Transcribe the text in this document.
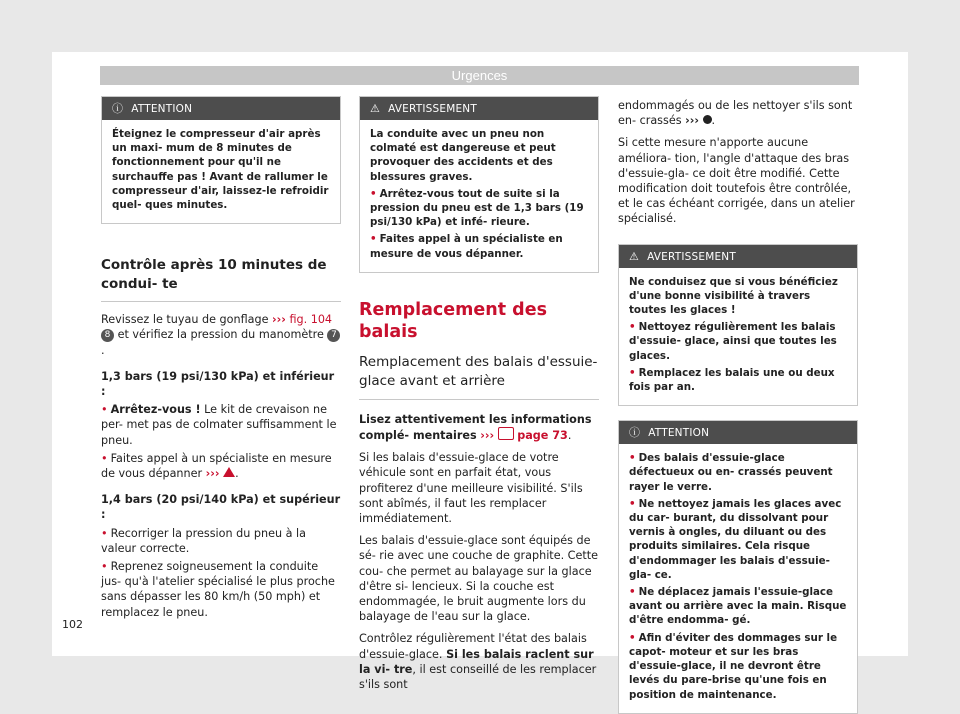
Urgences
ⓘ ATTENTION

Éteignez le compresseur d'air après un maxi- mum de 8 minutes de fonctionnement pour qu'il ne surchauffe pas ! Avant de rallumer le compresseur d'air, laissez-le refroidir quel- ques minutes.

Contrôle après 10 minutes de condui- te

Revissez le tuyau de gonflage ››› fig. 104 8 et vérifiez la pression du manomètre 7.

1,3 bars (19 psi/130 kPa) et inférieur :

• Arrêtez-vous ! Le kit de crevaison ne per- met pas de colmater suffisamment le pneu.

• Faites appel à un spécialiste en mesure de vous dépanner ››› .

1,4 bars (20 psi/140 kPa) et supérieur :

• Recorriger la pression du pneu à la valeur correcte.

• Reprenez soigneusement la conduite jus- qu'à l'atelier spécialisé le plus proche sans dépasser les 80 km/h (50 mph) et remplacez le pneu.

⚠ AVERTISSEMENT

La conduite avec un pneu non colmaté est dangereuse et peut provoquer des accidents et des blessures graves.

• Arrêtez-vous tout de suite si la pression du pneu est de 1,3 bars (19 psi/130 kPa) et infé- rieure.

• Faites appel à un spécialiste en mesure de vous dépanner.

Remplacement des balais
Remplacement des balais d'essuie- glace avant et arrière

Lisez attentivement les informations complé- mentaires ››› page 73.

Si les balais d'essuie-glace de votre véhicule sont en parfait état, vous profiterez d'une meilleure visibilité. S'ils sont abîmés, il faut les remplacer immédiatement.

Les balais d'essuie-glace sont équipés de sé- rie avec une couche de graphite. Cette cou- che permet au balayage sur la glace d'être si- lencieux. Si la couche est endommagée, le bruit augmente lors du balayage de l'eau sur la glace.

Contrôlez régulièrement l'état des balais d'essuie-glace. Si les balais raclent sur la vi- tre, il est conseillé de les remplacer s'ils sont

endommagés ou de les nettoyer s'ils sont en- crassés ››› .

Si cette mesure n'apporte aucune améliora- tion, l'angle d'attaque des bras d'essuie-gla- ce doit être modifié. Cette modification doit toutefois être contrôlée, et le cas échéant corrigée, dans un atelier spécialisé.

⚠ AVERTISSEMENT

Ne conduisez que si vous bénéficiez d'une bonne visibilité à travers toutes les glaces !

• Nettoyez régulièrement les balais d'essuie- glace, ainsi que toutes les glaces.

• Remplacez les balais une ou deux fois par an.

ⓘ ATTENTION

• Des balais d'essuie-glace défectueux ou en- crassés peuvent rayer le verre.

• Ne nettoyez jamais les glaces avec du car- burant, du dissolvant pour vernis à ongles, du diluant ou des produits similaires. Cela risque d'endommager les balais d'essuie-gla- ce.

• Ne déplacez jamais l'essuie-glace avant ou arrière avec la main. Risque d'être endomma- gé.

• Afin d'éviter des dommages sur le capot- moteur et sur les bras d'essuie-glace, il ne devront être levés du pare-brise qu'une fois en position de maintenance.

102
